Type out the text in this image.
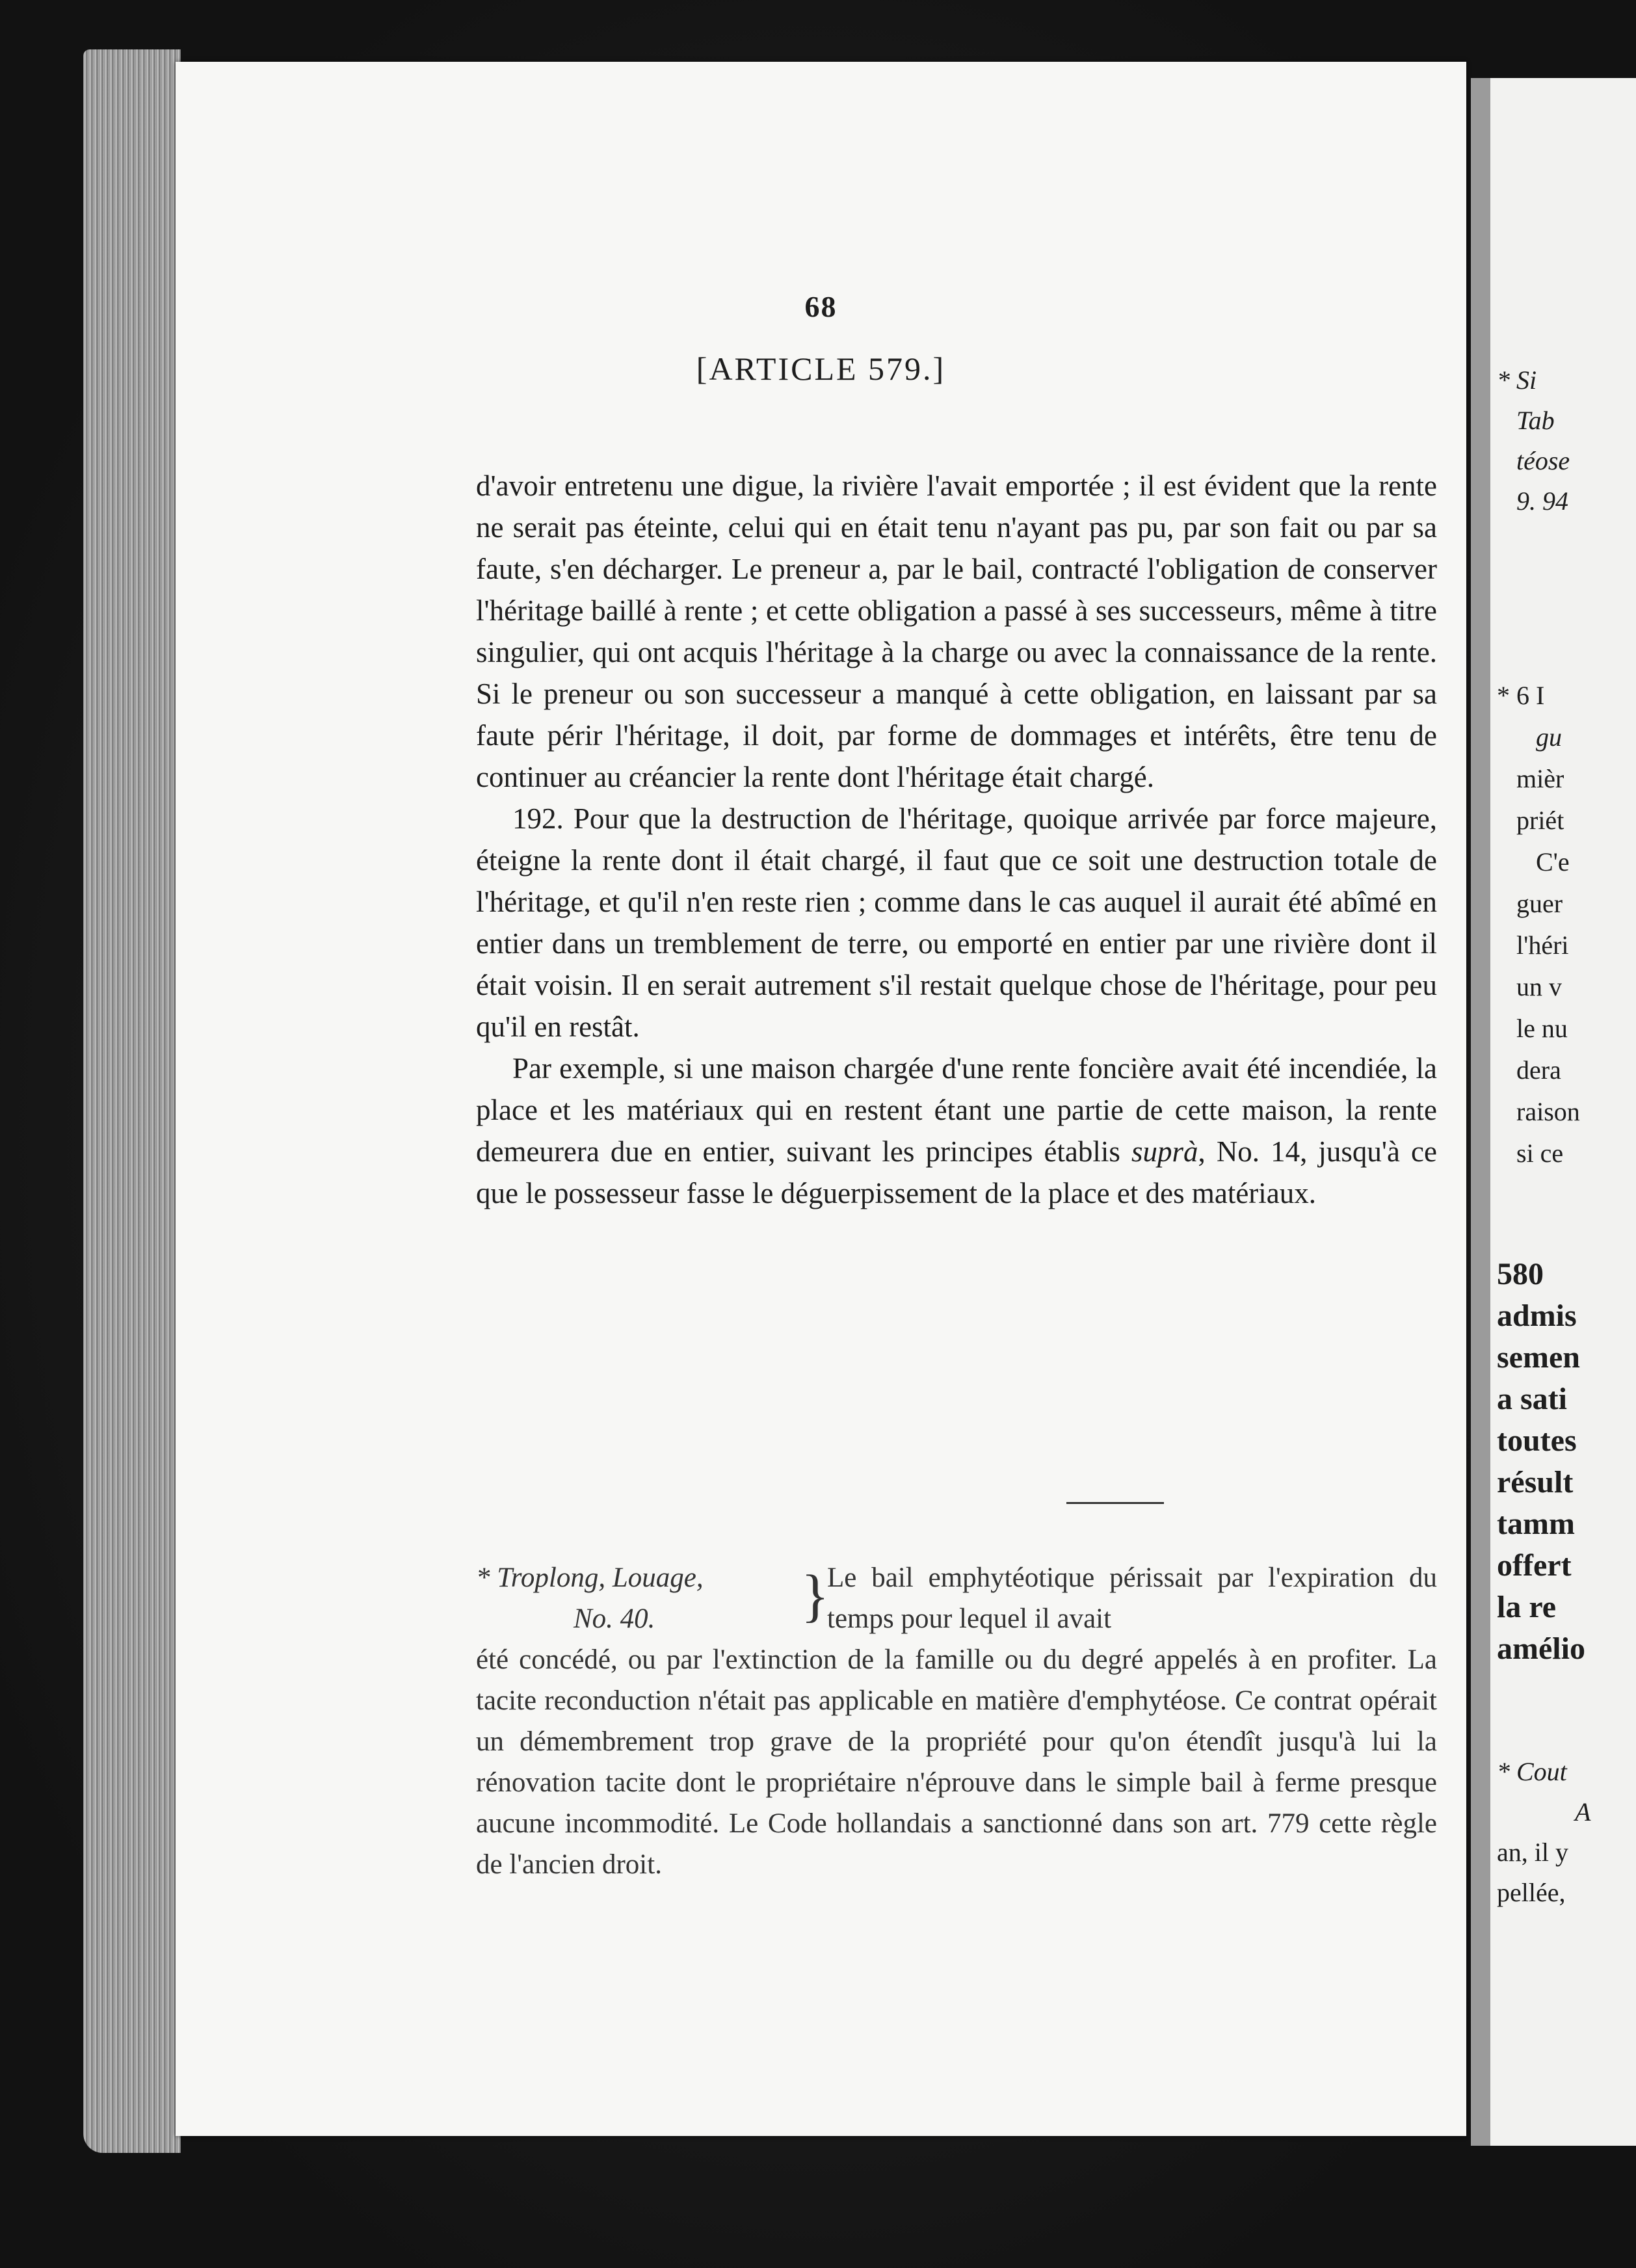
68
[ARTICLE 579.]

d'avoir entretenu une digue, la rivière l'avait emportée ; il est évident que la rente ne serait pas éteinte, celui qui en était tenu n'ayant pas pu, par son fait ou par sa faute, s'en décharger. Le preneur a, par le bail, contracté l'obligation de conserver l'héritage baillé à rente ; et cette obligation a passé à ses successeurs, même à titre singulier, qui ont acquis l'héritage à la charge ou avec la connaissance de la rente. Si le preneur ou son successeur a manqué à cette obligation, en laissant par sa faute périr l'héritage, il doit, par forme de dommages et intérêts, être tenu de continuer au créancier la rente dont l'héritage était chargé.

192. Pour que la destruction de l'héritage, quoique arrivée par force majeure, éteigne la rente dont il était chargé, il faut que ce soit une destruction totale de l'héritage, et qu'il n'en reste rien ; comme dans le cas auquel il aurait été abîmé en entier dans un tremblement de terre, ou emporté en entier par une rivière dont il était voisin. Il en serait autrement s'il restait quelque chose de l'héritage, pour peu qu'il en restât.

Par exemple, si une maison chargée d'une rente foncière avait été incendiée, la place et les matériaux qui en restent étant une partie de cette maison, la rente demeurera due en entier, suivant les principes établis suprà, No. 14, jusqu'à ce que le possesseur fasse le déguerpissement de la place et des matériaux.

* Troplong, Louage,
No. 40.	}
Le bail emphytéotique périssait par l'expiration du temps pour lequel il avait

été concédé, ou par l'extinction de la famille ou du degré appelés à en profiter. La tacite reconduction n'était pas applicable en matière d'emphytéose. Ce contrat opérait un démembrement trop grave de la propriété pour qu'on étendît jusqu'à lui la rénovation tacite dont le propriétaire n'éprouve dans le simple bail à ferme presque aucune incommodité. Le Code hollandais a sanctionné dans son art. 779 cette règle de l'ancien droit.

* Si
Tab
téose
9. 94
* 6 I
gu
mièr
priét
C'e
guer
l'héri
un v
le nu
dera
raison
si ce
580
admis
semen
a sati
toutes
résult
tamm
offert
la re
amélio
* Cout
A
an, il y
pellée,
